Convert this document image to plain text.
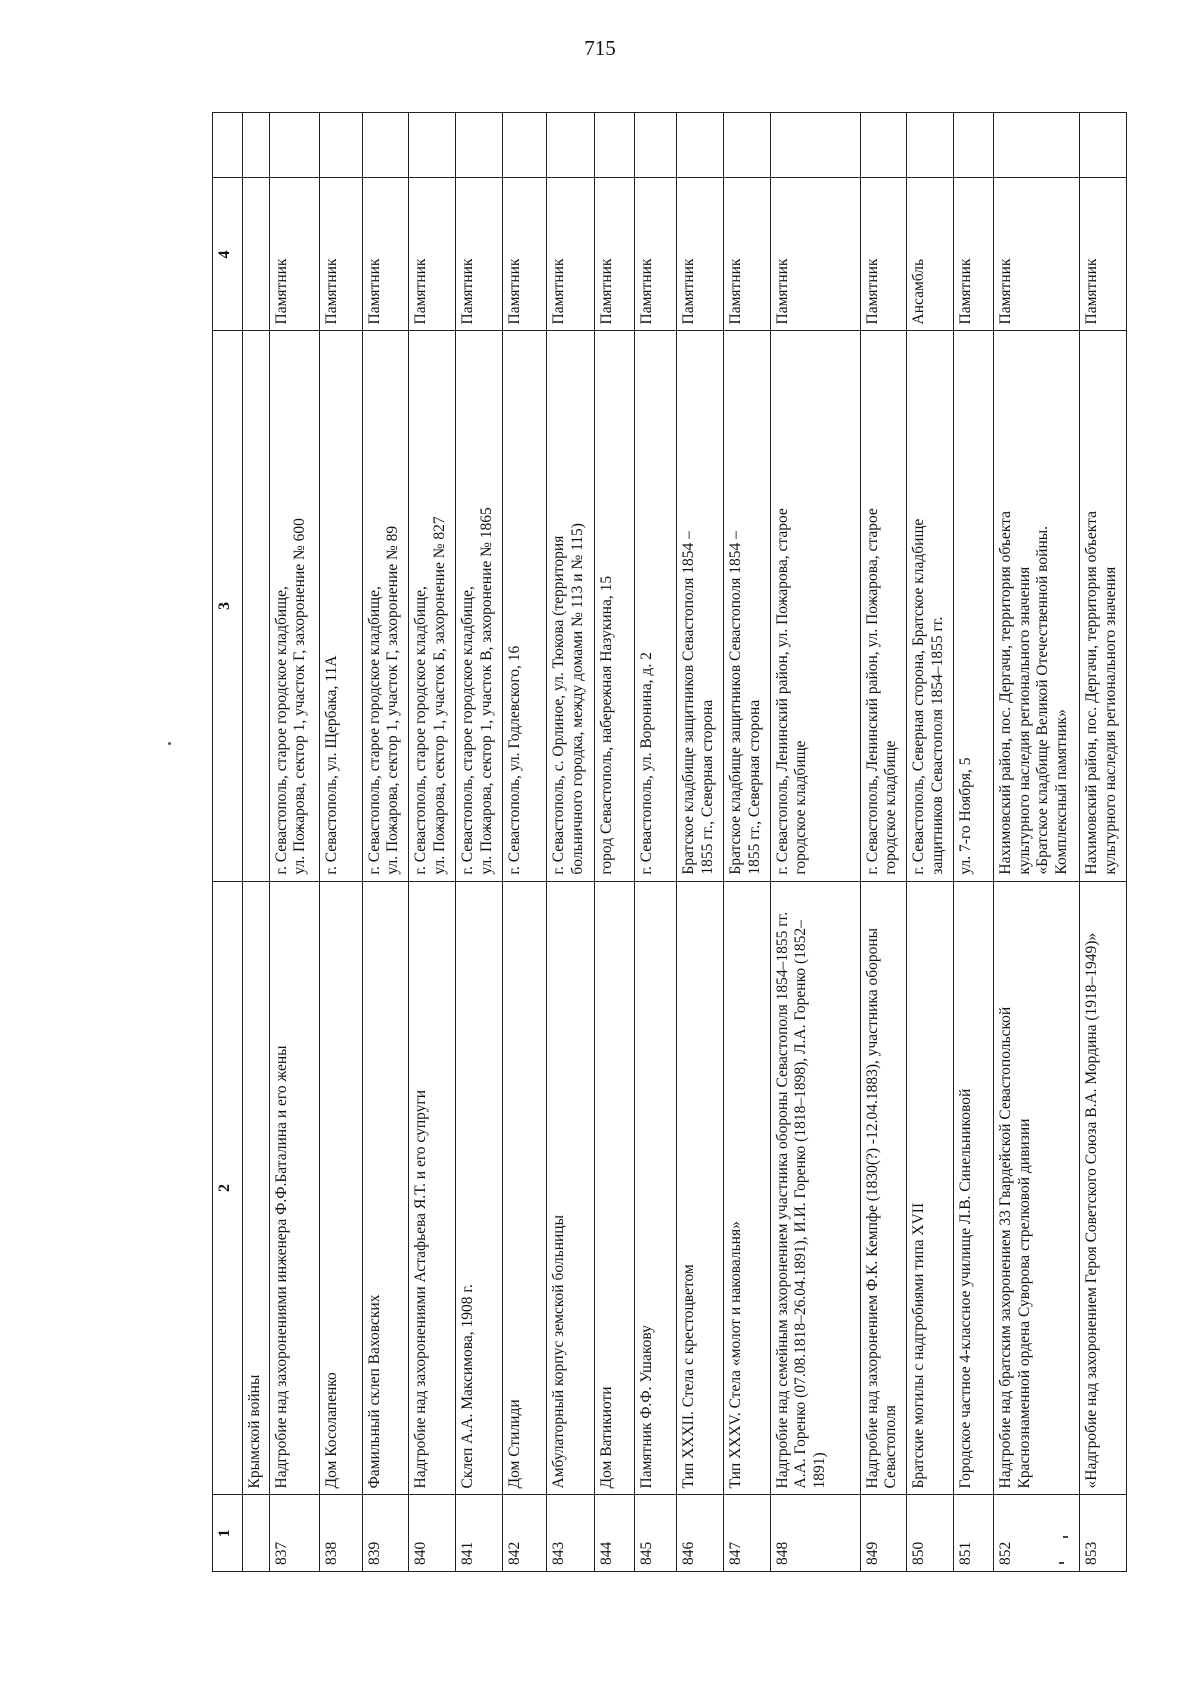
715
1	2	3	4	
	Крымской войны			
837	Надгробие над захоронениями инженера Ф.Ф.Баталина и его жены	г. Севастополь, старое городское кладбище, ул. Пожарова, сектор 1, участок Г, захоронение № 600	Памятник	
838	Дом Косолапенко	г. Севастополь, ул. Щербака, 11А	Памятник	
839	Фамильный склеп Ваховских	г. Севастополь, старое городское кладбище, ул. Пожарова, сектор 1, участок Г, захоронение № 89	Памятник	
840	Надгробие над захоронениями Астафьева Я.Т. и его супруги	г. Севастополь, старое городское кладбище, ул. Пожарова, сектор 1, участок Б, захоронение № 827	Памятник	
841	Склеп А.А. Максимова, 1908 г.	г. Севастополь, старое городское кладбище, ул. Пожарова, сектор 1, участок В, захоронение № 1865	Памятник	
842	Дом Стилиди	г. Севастополь, ул. Годлевского, 16	Памятник	
843	Амбулаторный корпус земской больницы	г. Севастополь, с. Орлиное, ул. Тюкова (территория больничного городка, между домами № 113 и № 115)	Памятник	
844	Дом Ватикиоти	город Севастополь, набережная Назукина, 15	Памятник	
845	Памятник Ф.Ф. Ушакову	г. Севастополь, ул. Воронина, д. 2	Памятник	
846	Тип XXXII. Стела с крестоцветом	Братское кладбище защитников Севастополя 1854 – 1855 гг., Северная сторона	Памятник	
847	Тип XXXV. Стела «молот и наковальня»	Братское кладбище защитников Севастополя 1854 – 1855 гг., Северная сторона	Памятник	
848	Надгробие над семейным захоронением участника обороны Севастополя 1854–1855 гг. А.А. Горенко (07.08.1818–26.04.1891), И.И. Горенко (1818–1898), Л.А. Горенко (1852–1891)	г. Севастополь, Ленинский район, ул. Пожарова, старое городское кладбище	Памятник	
849	Надгробие над захоронением Ф.К. Кемпфе (1830(?) -12.04.1883), участника обороны Севастополя	г. Севастополь, Ленинский район, ул. Пожарова, старое городское кладбище	Памятник	
850	Братские могилы с надгробиями типа XVII	г. Севастополь, Северная сторона, Братское кладбище защитников Севастополя 1854–1855 гг.	Ансамбль	
851	Городское частное 4-классное училище Л.В. Синельниковой	ул. 7-го Ноября, 5	Памятник	
852	Надгробие над братским захоронением 33 Гвардейской Севастопольской Краснознаменной ордена Суворова стрелковой дивизии	Нахимовский район, пос. Дергачи, территория объекта культурного наследия регионального значения «Братское кладбище Великой Отечественной войны. Комплексный памятник»	Памятник	
853	«Надгробие над захоронением Героя Советского Союза В.А. Мордина (1918–1949)»	Нахимовский район, пос. Дергачи, территория объекта культурного наследия регионального значения	Памятник	
